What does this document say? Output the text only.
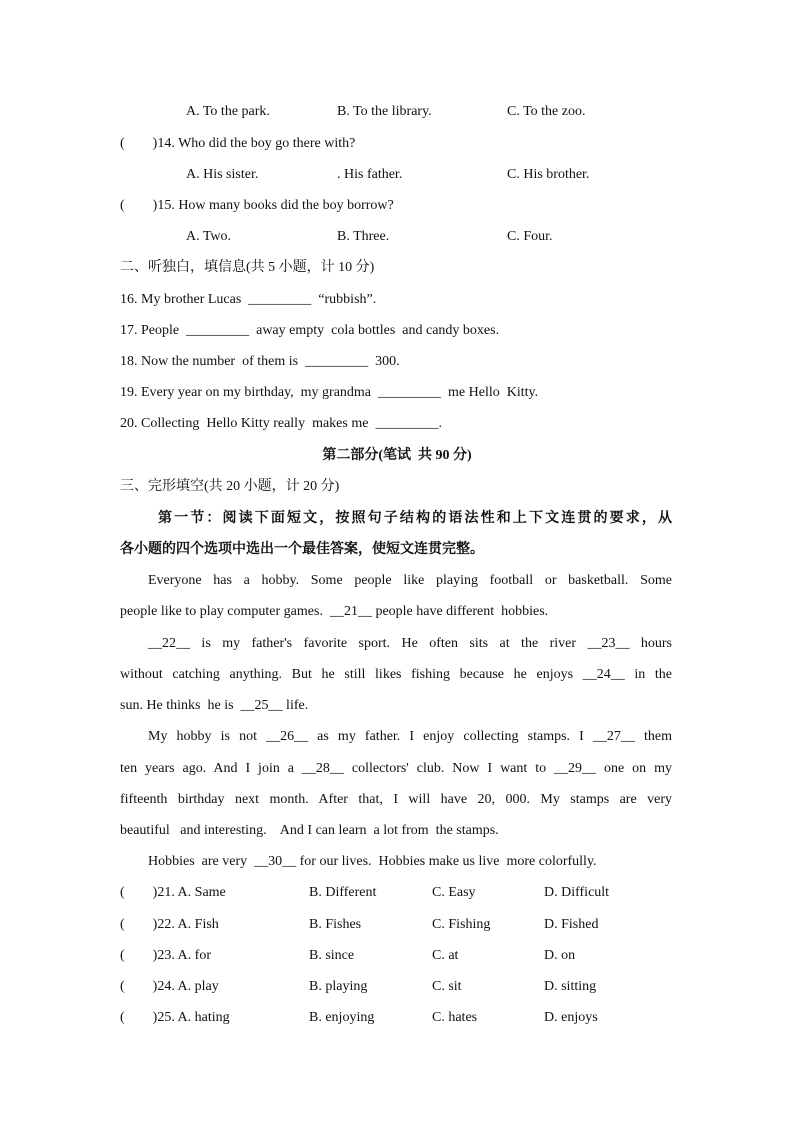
A. To the park.	B. To the library.	C. To the zoo.
(        )14. Who did the boy go there with?
A. His sister.	. His father.	C. His brother.
(        )15. How many books did the boy borrow?
A. Two.	B. Three.	C. Four.
二、听独白，填信息(共 5 小题，计 10 分)
16. My brother Lucas  _________  “rubbish”.
17. People  _________  away empty  cola bottles  and candy boxes.
18. Now the number  of them is  _________  300.
19. Every year on my birthday,  my grandma  _________  me Hello  Kitty.
20. Collecting  Hello Kitty really  makes me  _________.
第二部分(笔试  共 90 分)
三、完形填空(共 20 小题，计 20 分)
第一节：阅读下面短文，按照句子结构的语法性和上下文连贯的要求，从
各小题的四个选项中选出一个最佳答案，使短文连贯完整。
Everyone has a hobby. Some people like playing football or basketball. Some
people like to play computer games.  __21__ people have different  hobbies.
__22__ is my father's favorite sport. He often sits at the river __23__ hours
without catching anything. But he still likes fishing because he enjoys __24__ in the
sun. He thinks  he is  __25__ life.
My hobby is not __26__ as my father. I enjoy collecting stamps. I __27__ them
ten years ago. And I join a __28__ collectors' club. Now I want to __29__ one on my
fifteenth birthday next month. After that, I will have 20, 000. My stamps are very
beautiful   and interesting.    And I can learn  a lot from  the stamps.
Hobbies  are very  __30__ for our lives.  Hobbies make us live  more colorfully.
(        )21. A. Same	B. Different	C. Easy	D. Difficult
(        )22. A. Fish	B. Fishes	C. Fishing	D. Fished
(        )23. A. for	B. since	C. at	D. on
(        )24. A. play	B. playing	C. sit	D. sitting
(        )25. A. hating	B. enjoying	C. hates	D. enjoys
